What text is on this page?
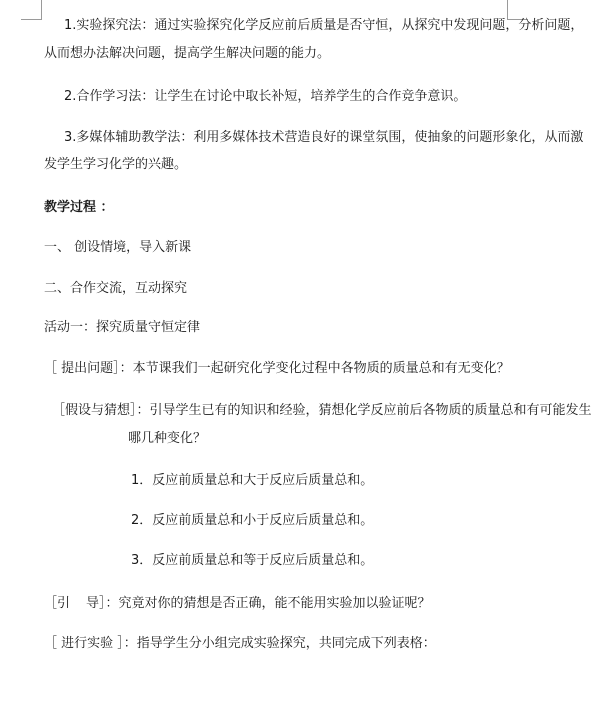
1.实验探究法：通过实验探究化学反应前后质量是否守恒，从探究中发现问题，分析问题，
从而想办法解决问题，提高学生解决问题的能力。
2.合作学习法：让学生在讨论中取长补短，培养学生的合作竞争意识。
3.多媒体辅助教学法：利用多媒体技术营造良好的课堂氛围，使抽象的问题形象化，从而激
发学生学习化学的兴趣。
教学过程 ：
一、 创设情境，导入新课
二、合作交流，互动探究
活动一：探究质量守恒定律
［ 提出问题］：本节课我们一起研究化学变化过程中各物质的质量总和有无变化？
［假设与猜想］：引导学生已有的知识和经验，猜想化学反应前后各物质的质量总和有可能发生
哪几种变化？
1．反应前质量总和大于反应后质量总和。
2．反应前质量总和小于反应后质量总和。
3．反应前质量总和等于反应后质量总和。
［引 导］：究竟对你的猜想是否正确，能不能用实验加以验证呢？
［ 进行实验 ］：指导学生分小组完成实验探究，共同完成下列表格：
